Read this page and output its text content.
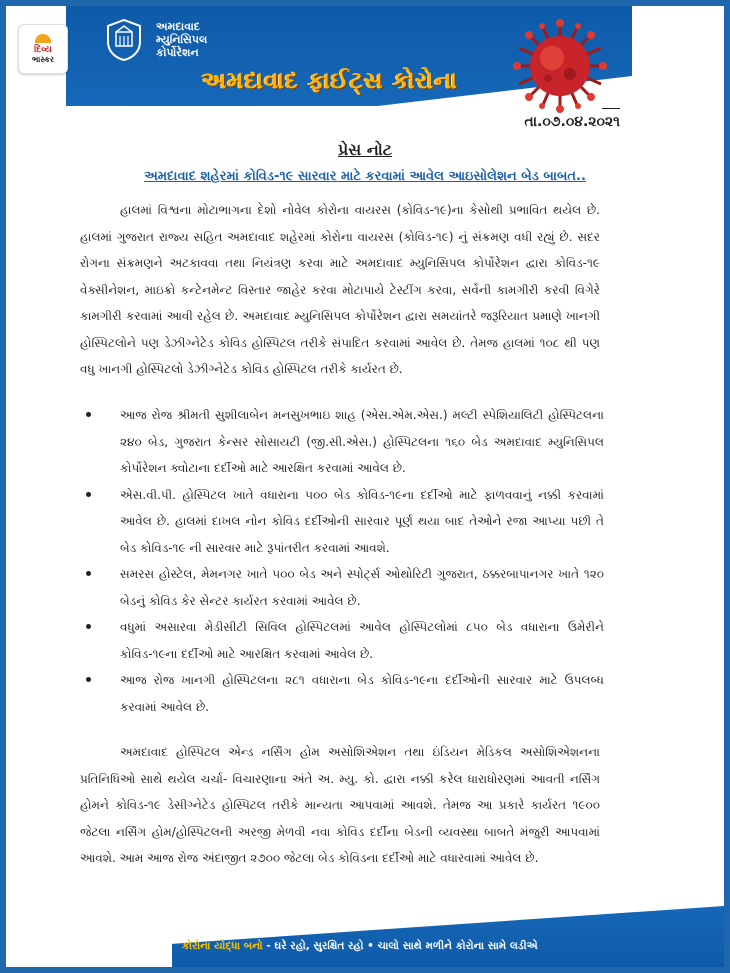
દિવ્ય
ભાસ્કર
અમદાવાદ
મ્યુનિસિપલ
કોર્પોરેશન
અમદાવાદ ફાઈટ્સ કોરોના
તા.૦૭.૦૪.૨૦૨૧
પ્રેસ નોટ
અમદાવાદ શહેરમાં કોવિડ-૧૯ સારવાર માટે કરવામાં આવેલ આઇસોલેશન બેડ બાબત..
હાલમાં વિશ્વના મોટાભાગના દેશો નોવેલ કોરોના વાયરસ (કોવિડ-૧૯)ના કેસોથી પ્રભાવિત થયેલ છે. હાલમાં ગુજરાત રાજ્ય સહિત અમદાવાદ શહેરમાં કોરોના વાયરસ (કોવિડ-૧૯) નું સંક્રમણ વધી રહ્યું છે. સદર રોગના સંક્રમણને અટકાવવા તથા નિયંત્રણ કરવા માટે અમદાવાદ મ્યુનિસિપલ કોર્પોરેશન દ્વારા કોવિડ-૧૯ વેક્સીનેશન, માઇક્રો કન્ટેનમેન્ટ વિસ્તાર જાહેર કરવા મોટાપાયે ટેસ્ટીંગ કરવા, સર્વેની કામગીરી કરવી વિગેરે કામગીરી કરવામાં આવી રહેલ છે. અમદાવાદ મ્યુનિસિપલ કોર્પોરેશન દ્વારા સમયાંતરે જરૂરિયાત પ્રમાણે ખાનગી હોસ્પિટલોને પણ ડેઝીગ્નેટેડ કોવિડ હોસ્પિટલ તરીકે સંપાદિત કરવામાં આવેલ છે. તેમજ હાલમાં ૧૦૮ થી પણ વધુ ખાનગી હોસ્પિટલો ડેઝીગ્નેટેડ કોવિડ હોસ્પિટલ તરીકે કાર્યરત છે.
આજ રોજ શ્રીમતી સુશીલાબેન મનસુખભાઇ શાહ (એસ.એમ.એસ.) મલ્ટી સ્પેશિયાલિટી હોસ્પિટલના ૨૪૦ બેડ, ગુજરાત કેન્સર સોસાયટી (જી.સી.એસ.) હોસ્પિટલના ૧૬૦ બેડ અમદાવાદ મ્યુનિસિપલ કોર્પોરેશન ક્વોટાના દર્દીઓ માટે આરક્ષિત કરવામાં આવેલ છે.
એસ.વી.પી. હોસ્પિટલ ખાતે વધારાના ૫૦૦ બેડ કોવિડ-૧૯ના દર્દીઓ માટે ફાળવવાનું નક્કી કરવામાં આવેલ છે. હાલમાં દાખલ નોન કોવિડ દર્દીઓની સારવાર પૂર્ણ થયા બાદ તેઓને રજા આપ્યા પછી તે બેડ કોવિડ-૧૯ ની સારવાર માટે રૂપાંતરીત કરવામાં આવશે.
સમરસ હોસ્ટેલ, મેમનગર ખાતે ૫૦૦ બેડ અને સ્પોર્ટ્સ ઓથોરિટી ગુજરાત, ઠક્કરબાપાનગર ખાતે ૧૨૦ બેડનું કોવિડ કેર સેન્ટર કાર્યરત કરવામાં આવેલ છે.
વધુમાં અસારવા મેડીસીટી સિવિલ હોસ્પિટલમાં આવેલ હોસ્પિટલોમાં ૮૫૦ બેડ વધારાના ઉમેરીને કોવિડ-૧૯ના દર્દીઓ માટે આરક્ષિત કરવામાં આવેલ છે.
આજ રોજ ખાનગી હોસ્પિટલના ૨૮૧ વધારાના બેડ કોવિડ-૧૯ના દર્દીઓની સારવાર માટે ઉપલબ્ધ કરવામાં આવેલ છે.
અમદાવાદ હોસ્પિટલ એન્ડ નર્સિંગ હોમ અસોશિએશન તથા ઇંડિયન મેડિકલ અસોશિએશનના પ્રતિનિધિઓ સાથે થયેલ ચર્ચા- વિચારણાના અંતે અ. મ્યુ. કો. દ્વારા નક્કી કરેલ ધારાધોરણમાં આવતી નર્સિંગ હોમને કોવિડ-૧૯ ડેસીગ્નેટેડ હોસ્પિટલ તરીકે માન્યતા આપવામાં આવશે. તેમજ આ પ્રકારે કાર્યરત ૧૯૦૦ જેટલા નર્સિંગ હોમ/હોસ્પિટલની અરજી મેળવી નવા કોવિડ દર્દીના બેડની વ્યવસ્થા બાબતે મંજુરી આપવામાં આવશે. આમ આજ રોજ અંદાજીત ૨૭૦૦ જેટલા બેડ કોવિડના દર્દીઓ માટે વધારવામાં આવેલ છે.
કોરોના યોદ્ધા બનો - ઘરે રહો, સુરક્ષિત રહો • ચાલો સાથે મળીને કોરોના સામે લડીએ
